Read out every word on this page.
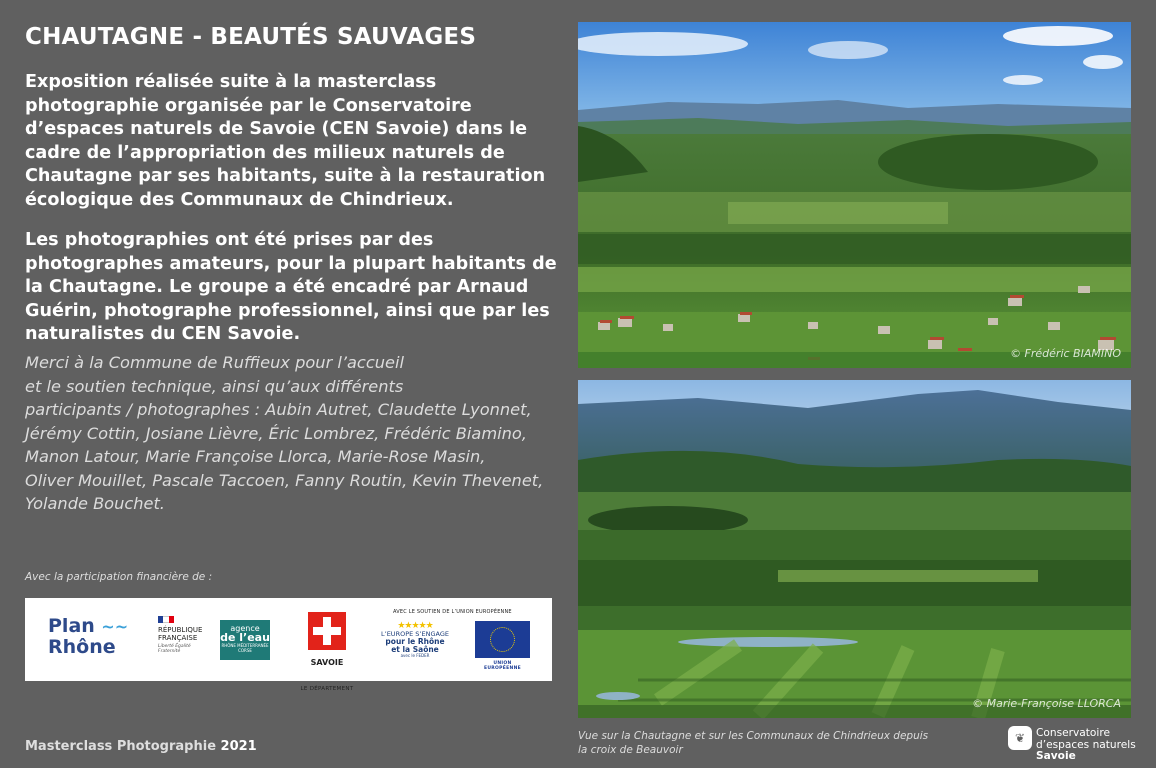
CHAUTAGNE - BEAUTÉS SAUVAGES
Exposition réalisée suite à la masterclass photographie organisée par le Conservatoire d’espaces naturels de Savoie (CEN Savoie) dans le cadre de l’appropriation des milieux naturels de Chautagne par ses habitants, suite à la restauration écologique des Communaux de Chindrieux.
Les photographies ont été prises par des photographes amateurs, pour la plupart habitants de la Chautagne. Le groupe a été encadré par Arnaud Guérin, photographe professionnel, ainsi que par les naturalistes du CEN Savoie.
Merci à la Commune de Ruffieux pour l’accueil
et le soutien technique, ainsi qu’aux différents
participants / photographes : Aubin Autret, Claudette Lyonnet,
Jérémy Cottin, Josiane Lièvre, Éric Lombrez, Frédéric Biamino,
Manon Latour, Marie Françoise Llorca, Marie-Rose Masin,
Oliver Mouillet, Pascale Taccoen, Fanny Routin, Kevin Thevenet,
Yolande Bouchet.
Avec la participation financière de :
Plan ∼∼
Rhône
RÉPUBLIQUE
FRANÇAISE
Liberté Égalité Fraternité
agence
de l’eau
RHÔNE MÉDITERRANÉE CORSE
SAVOIE
LE DÉPARTEMENT
AVEC LE SOUTIEN DE L’UNION EUROPÉENNE
★★★★★
L’EUROPE S’ENGAGE
pour le Rhône
et la Saône
avec le FEDER
UNION EUROPÉENNE
Masterclass Photographie 2021
© Frédéric BIAMINO
© Marie-Françoise LLORCA
Vue sur la Chautagne et sur les Communaux de Chindrieux depuis
la croix de Beauvoir
❦	Conservatoire
d’espaces naturels
Savoie
